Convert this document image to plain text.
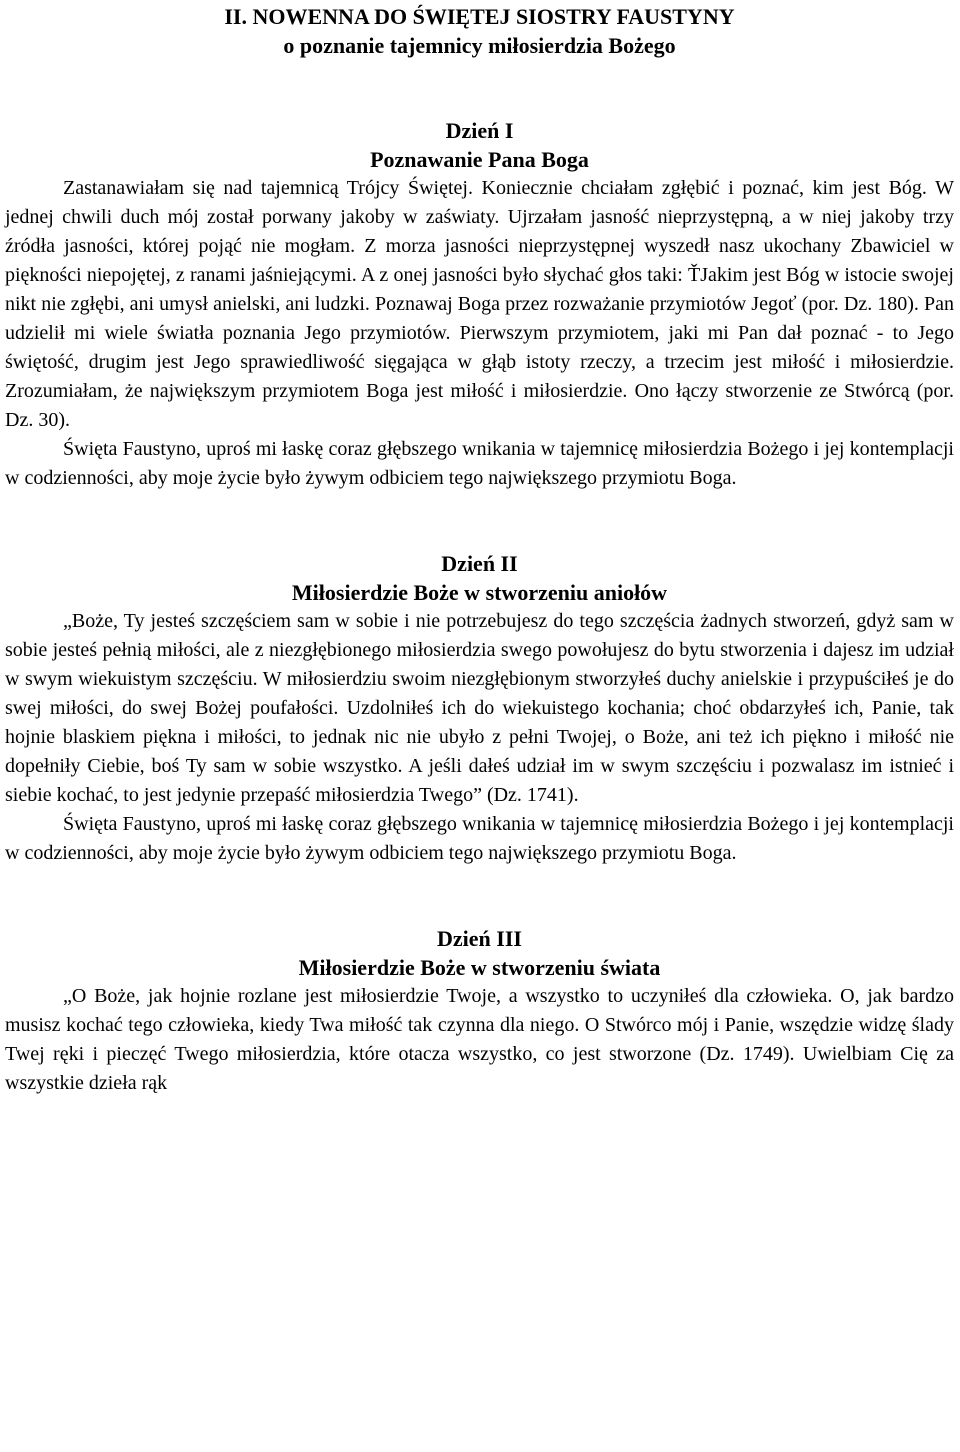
II. NOWENNA DO ŚWIĘTEJ SIOSTRY FAUSTYNY

o poznanie tajemnicy miłosierdzia Bożego

Dzień I

Poznawanie Pana Boga

Zastanawiałam się nad tajemnicą Trójcy Świętej. Koniecznie chciałam zgłębić i poznać, kim jest Bóg. W jednej chwili duch mój został porwany jakoby w zaświaty. Ujrzałam jasność nieprzystępną, a w niej jakoby trzy źródła jasności, której pojąć nie mogłam. Z morza jasności nieprzystępnej wyszedł nasz ukochany Zbawiciel w piękności niepojętej, z ranami jaśniejącymi. A z onej jasności było słychać głos taki: ŤJakim jest Bóg w istocie swojej nikt nie zgłębi, ani umysł anielski, ani ludzki. Poznawaj Boga przez rozważanie przymiotów Jegoť (por. Dz. 180). Pan udzielił mi wiele światła poznania Jego przymiotów. Pierwszym przymiotem, jaki mi Pan dał poznać - to Jego świętość, drugim jest Jego sprawiedliwość sięgająca w głąb istoty rzeczy, a trzecim jest miłość i miłosierdzie. Zrozumiałam, że największym przymiotem Boga jest miłość i miłosierdzie. Ono łączy stworzenie ze Stwórcą (por. Dz. 30).

Święta Faustyno, uproś mi łaskę coraz głębszego wnikania w tajemnicę miłosierdzia Bożego i jej kontemplacji w codzienności, aby moje życie było żywym odbiciem tego największego przymiotu Boga.

Dzień II

Miłosierdzie Boże w stworzeniu aniołów

„Boże, Ty jesteś szczęściem sam w sobie i nie potrzebujesz do tego szczęścia żadnych stworzeń, gdyż sam w sobie jesteś pełnią miłości, ale z niezgłębionego miłosierdzia swego powołujesz do bytu stworzenia i dajesz im udział w swym wiekuistym szczęściu. W miłosierdziu swoim niezgłębionym stworzyłeś duchy anielskie i przypuściłeś je do swej miłości, do swej Bożej poufałości. Uzdolniłeś ich do wiekuistego kochania; choć obdarzyłeś ich, Panie, tak hojnie blaskiem piękna i miłości, to jednak nic nie ubyło z pełni Twojej, o Boże, ani też ich piękno i miłość nie dopełniły Ciebie, boś Ty sam w sobie wszystko. A jeśli dałeś udział im w swym szczęściu i pozwalasz im istnieć i siebie kochać, to jest jedynie przepaść miłosierdzia Twego” (Dz. 1741).

Święta Faustyno, uproś mi łaskę coraz głębszego wnikania w tajemnicę miłosierdzia Bożego i jej kontemplacji w codzienności, aby moje życie było żywym odbiciem tego największego przymiotu Boga.

Dzień III

Miłosierdzie Boże w stworzeniu świata

„O Boże, jak hojnie rozlane jest miłosierdzie Twoje, a wszystko to uczyniłeś dla człowieka. O, jak bardzo musisz kochać tego człowieka, kiedy Twa miłość tak czynna dla niego. O Stwórco mój i Panie, wszędzie widzę ślady Twej ręki i pieczęć Twego miłosierdzia, które otacza wszystko, co jest stworzone (Dz. 1749). Uwielbiam Cię za wszystkie dzieła rąk
